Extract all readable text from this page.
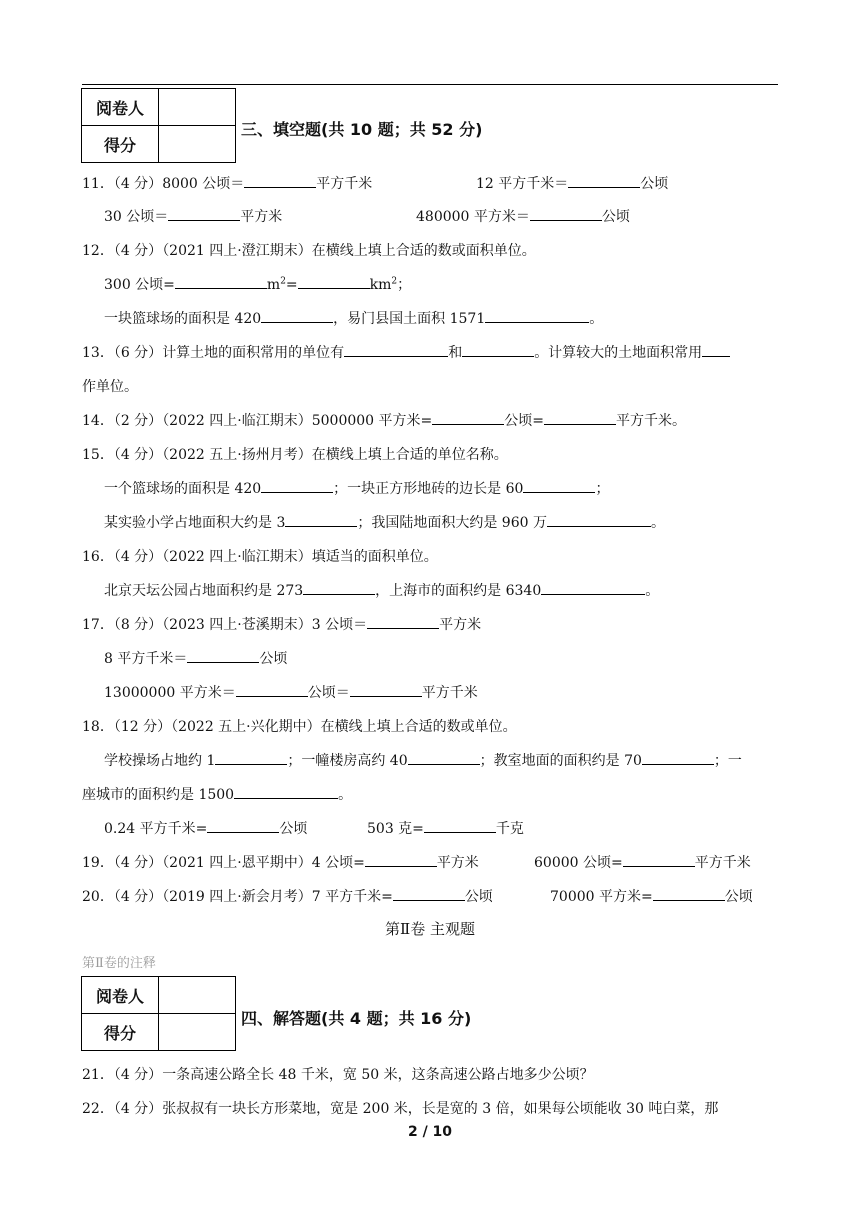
阅卷人	
得分	
三、填空题(共 10 题；共 52 分)
11．（4 分）8000 公顷＝	平方千米	12 平方千米＝	公顷
30 公顷＝	平方米	480000 平方米＝	公顷
12．（4 分）（2021 四上·澄江期末）在横线上填上合适的数或面积单位。
300 公顷=	$m^2=$	$km^2$；
一块篮球场的面积是 420	，易门县国土面积 1571	。
13．（6 分）计算土地的面积常用的单位有	和	。计算较大的土地面积常用
作单位。
14．（2 分）（2022 四上·临江期末）5000000 平方米=	公顷=	平方千米。
15．（4 分）（2022 五上·扬州月考）在横线上填上合适的单位名称。
一个篮球场的面积是 420	；一块正方形地砖的边长是 60	；
某实验小学占地面积大约是 3	；我国陆地面积大约是 960 万	。
16．（4 分）（2022 四上·临江期末）填适当的面积单位。
北京天坛公园占地面积约是 273	，上海市的面积约是 6340	。
17．（8 分）（2023 四上·苍溪期末）3 公顷＝	平方米
8 平方千米＝	公顷
13000000 平方米＝	公顷＝	平方千米
18．（12 分）（2022 五上·兴化期中）在横线上填上合适的数或单位。
学校操场占地约 1	；一幢楼房高约 40	；教室地面的面积约是 70	；一
座城市的面积约是 1500	。
0.24 平方千米=	公顷	503 克=	千克
19．（4 分）（2021 四上·恩平期中）4 公顷=	平方米	60000 公顷=	平方千米
20．（4 分）（2019 四上·新会月考）7 平方千米=	公顷	70000 平方米=	公顷
第Ⅱ卷 主观题
第Ⅱ卷的注释
阅卷人	
得分	
四、解答题(共 4 题；共 16 分)
21．（4 分）一条高速公路全长 48 千米，宽 50 米，这条高速公路占地多少公顷？
22．（4 分）张叔叔有一块长方形菜地，宽是 200 米，长是宽的 3 倍，如果每公顷能收 30 吨白菜，那
2 / 10
